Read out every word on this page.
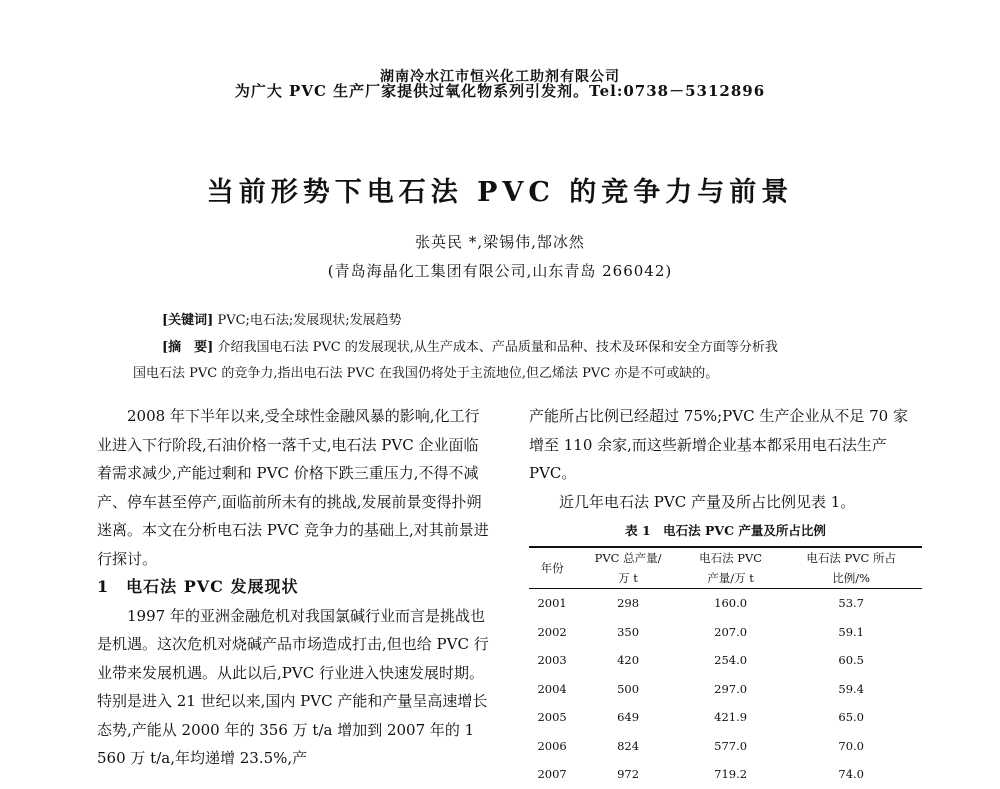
湖南冷水江市恒兴化工助剂有限公司
为广大 PVC 生产厂家提供过氧化物系列引发剂。Tel:0738－5312896
当前形势下电石法 PVC 的竞争力与前景
张英民 *,梁锡伟,郜冰然
(青岛海晶化工集团有限公司,山东青岛 266042)
[关键词] PVC;电石法;发展现状;发展趋势
[摘　要] 介绍我国电石法 PVC 的发展现状,从生产成本、产品质量和品种、技术及环保和安全方面等分析我
国电石法 PVC 的竞争力,指出电石法 PVC 在我国仍将处于主流地位,但乙烯法 PVC 亦是不可或缺的。

2008 年下半年以来,受全球性金融风暴的影响,化工行业进入下行阶段,石油价格一落千丈,电石法 PVC 企业面临着需求减少,产能过剩和 PVC 价格下跌三重压力,不得不减产、停车甚至停产,面临前所未有的挑战,发展前景变得扑朔迷离。本文在分析电石法 PVC 竞争力的基础上,对其前景进行探讨。

1　电石法 PVC 发展现状

1997 年的亚洲金融危机对我国氯碱行业而言是挑战也是机遇。这次危机对烧碱产品市场造成打击,但也给 PVC 行业带来发展机遇。从此以后,PVC 行业进入快速发展时期。特别是进入 21 世纪以来,国内 PVC 产能和产量呈高速增长态势,产能从 2000 年的 356 万 t/a 增加到 2007 年的 1 560 万 t/a,年均递增 23.5%,产

产能所占比例已经超过 75%;PVC 生产企业从不足 70 家增至 110 余家,而这些新增企业基本都采用电石法生产 PVC。

近几年电石法 PVC 产量及所占比例见表 1。

表 1　电石法 PVC 产量及所占比例
年份	PVC 总产量/	电石法 PVC	电石法 PVC 所占
	万 t	产量/万 t	比例/%
2001	298	160.0	53.7
2002	350	207.0	59.1
2003	420	254.0	60.5
2004	500	297.0	59.4
2005	649	421.9	65.0
2006	824	577.0	70.0
2007	972	719.2	74.0
